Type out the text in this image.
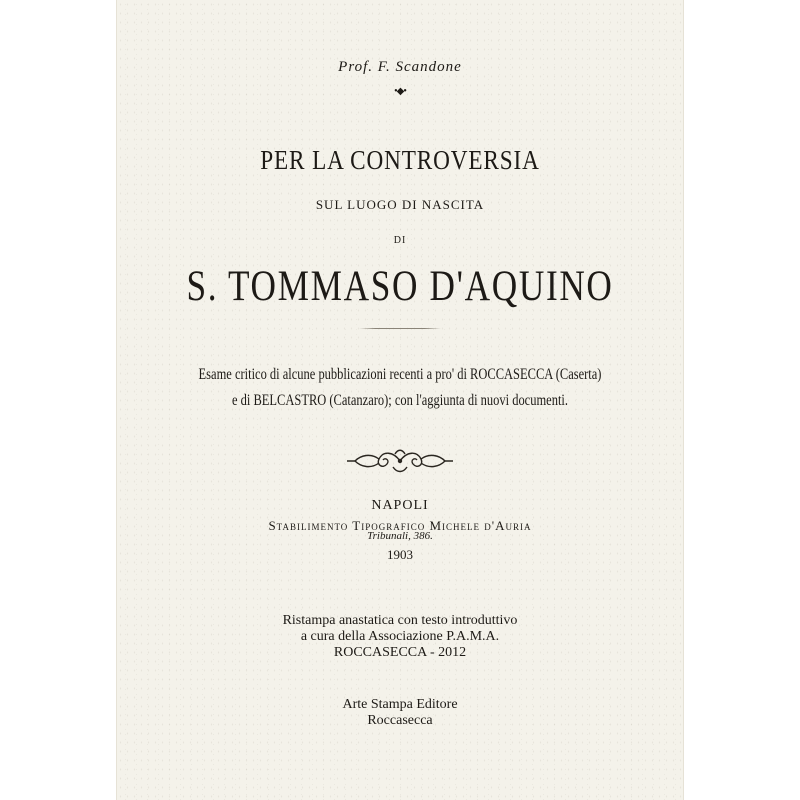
Prof. F. Scandone
•◆•
PER LA CONTROVERSIA
SUL LUOGO DI NASCITA
DI
S. TOMMASO D'AQUINO
Esame critico di alcune pubblicazioni recenti a pro' di ROCCASECCA (Caserta)
e di BELCASTRO (Catanzaro); con l'aggiunta di nuovi documenti.
NAPOLI
Stabilimento Tipografico Michele d'Auria
Tribunali, 386.
1903
Ristampa anastatica con testo introduttivo
a cura della Associazione P.A.M.A.
ROCCASECCA - 2012
Arte Stampa Editore
Roccasecca
